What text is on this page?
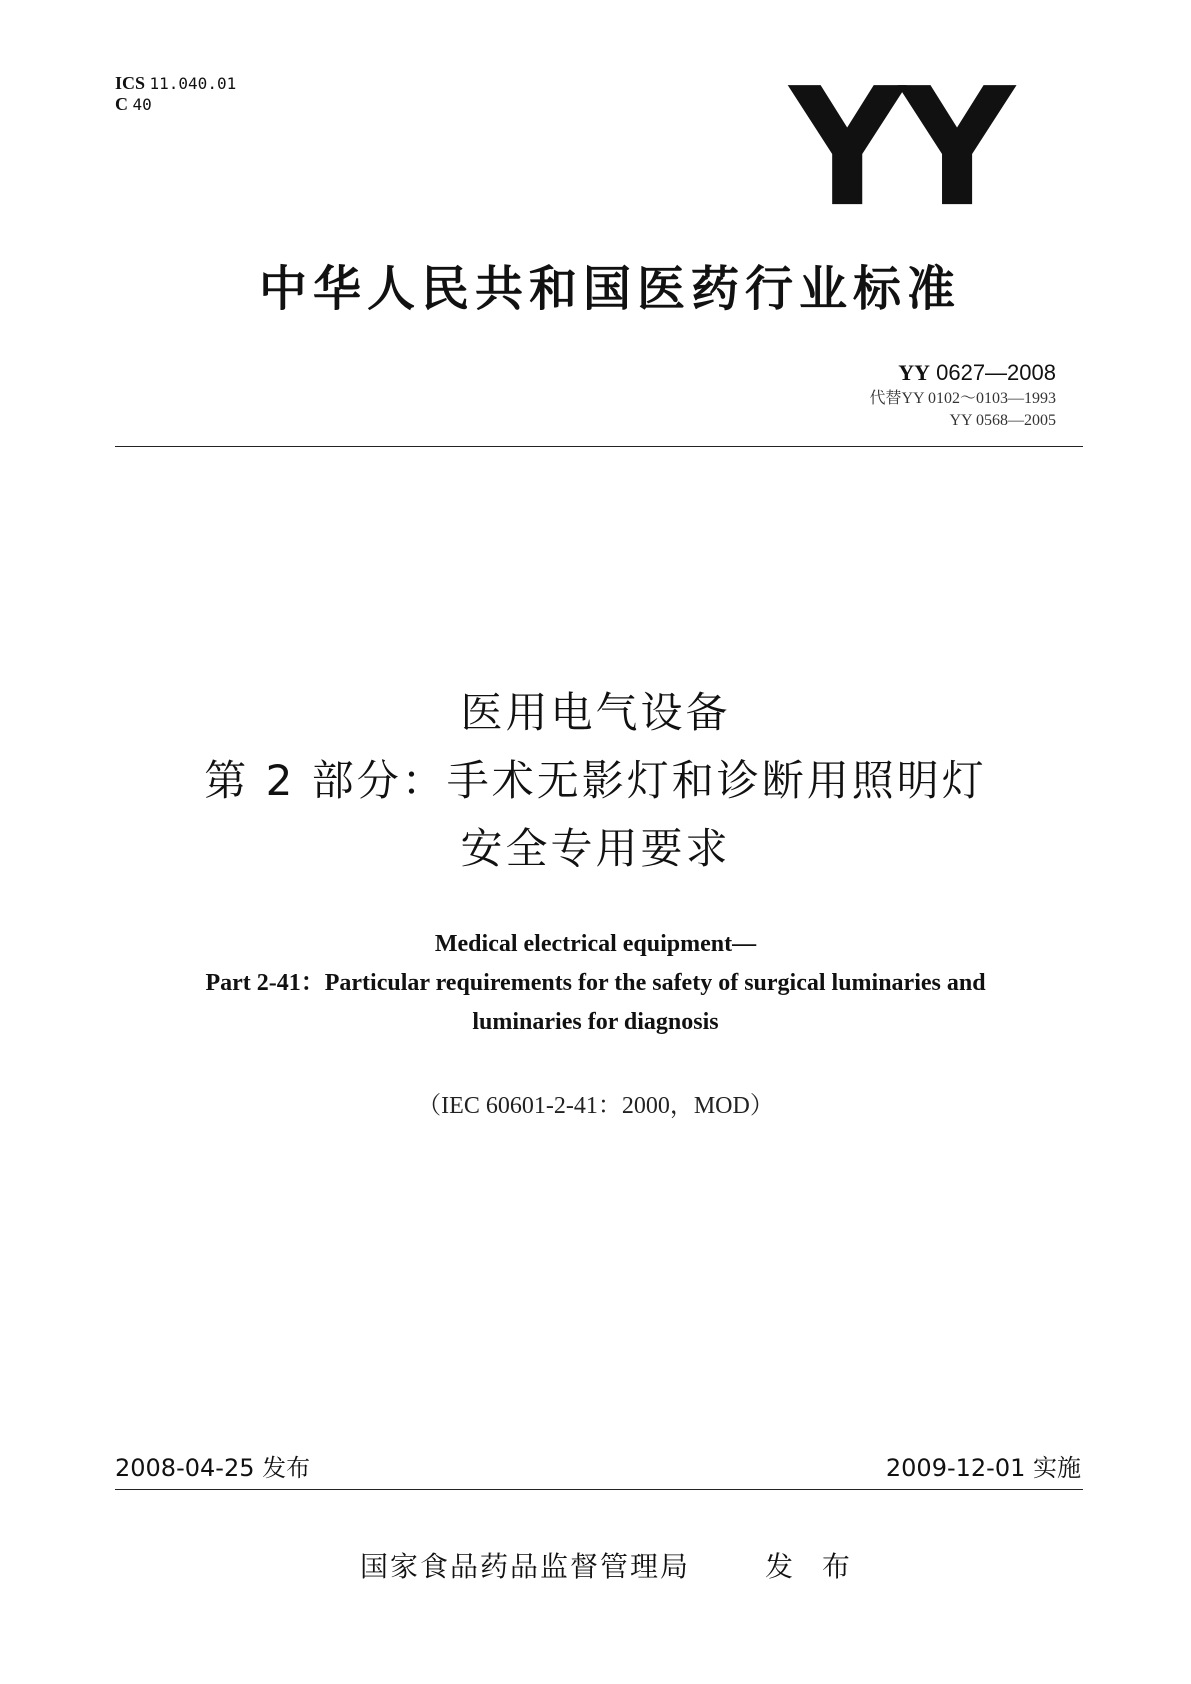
ICS 11.040.01
C 40	YY
中华人民共和国医药行业标准
YY 0627—2008
代替YY 0102～0103—1993
YY 0568—2005
医用电气设备
第 2 部分：手术无影灯和诊断用照明灯
安全专用要求
Medical electrical equipment—
Part 2-41：Particular requirements for the safety of surgical luminaries and
luminaries for diagnosis
（IEC 60601-2-41：2000，MOD）
2008-04-25 发布	2009-12-01 实施
国家食品药品监督管理局	发 布
